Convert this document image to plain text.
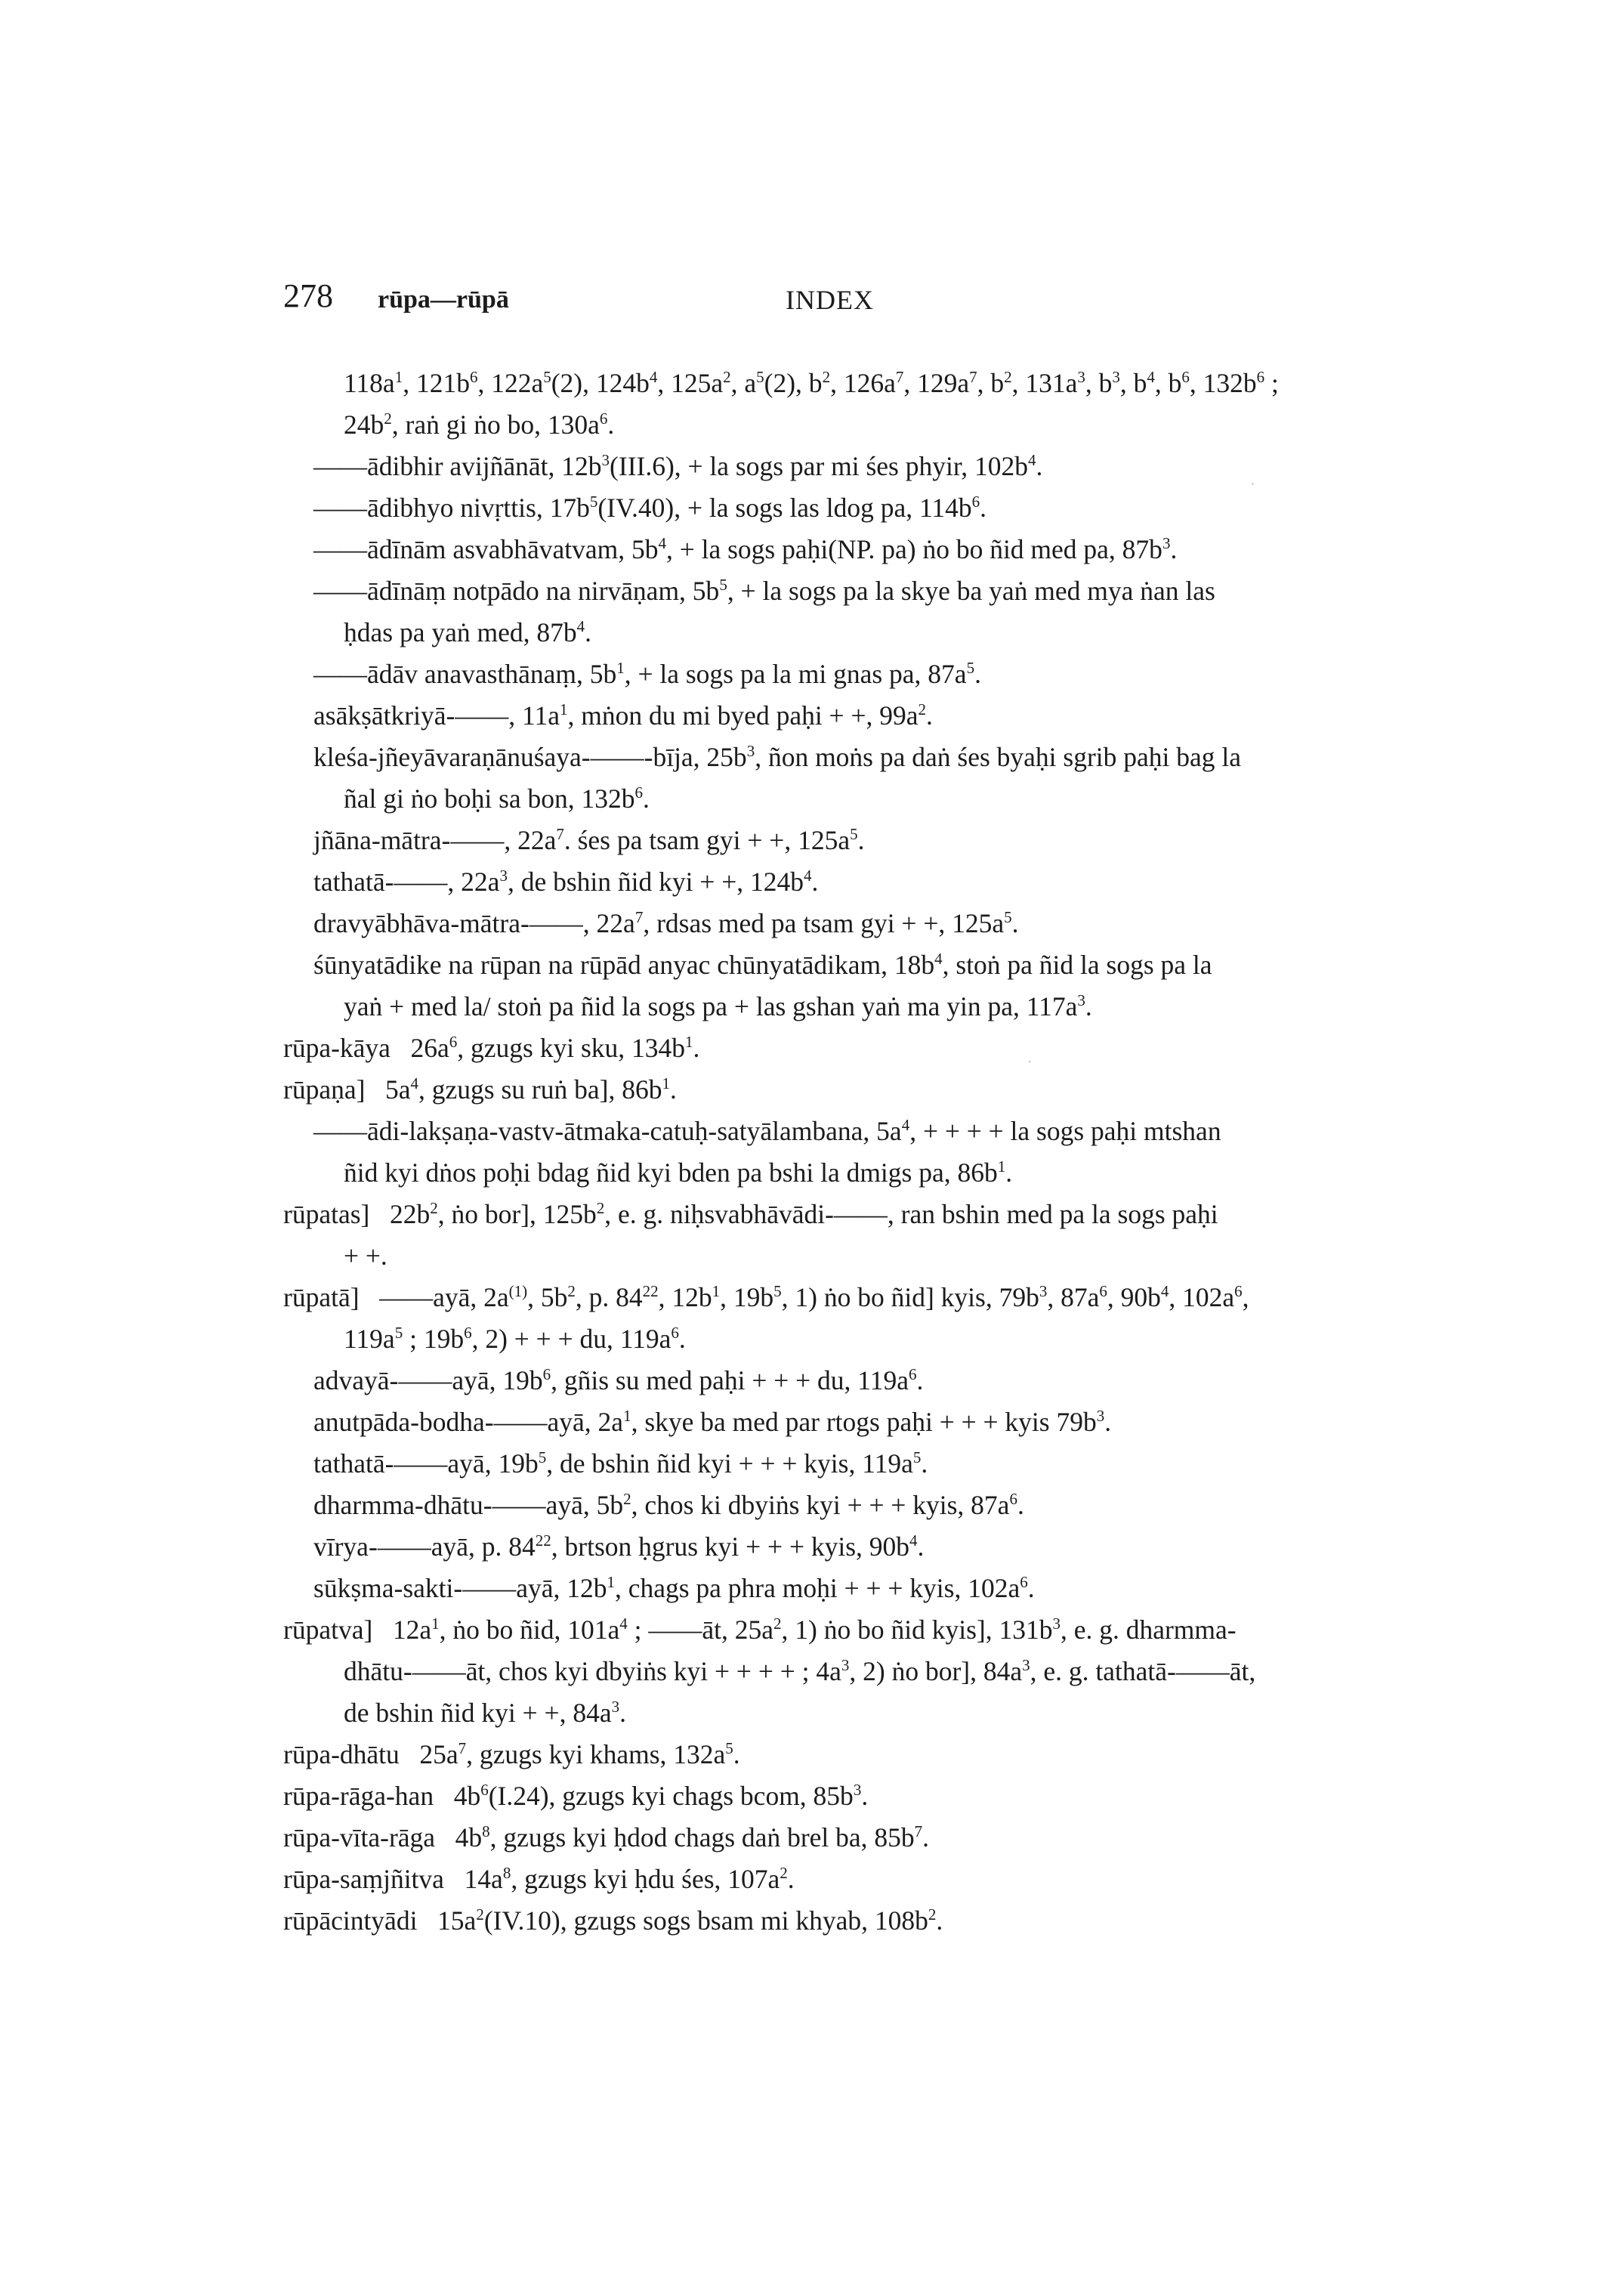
278 rūpa—rūpā	INDEX
$118a^1$, $121b^6$, $122a^5(2)$, $124b^4$, $125a^2$, $a^5(2)$, $b^2$, $126a^7$, $129a^7$, $b^2$, $131a^3$, $b^3$, $b^4$, $b^6$, $132b^6$ ;
$24b^2$, raṅ gi ṅo bo, $130a^6$.
——ādibhir avijñānāt, $12b^3(III.6)$, + la sogs par mi śes phyir, $102b^4$.
——ādibhyo nivṛttis, $17b^5(IV.40)$, + la sogs las ldog pa, $114b^6$.
——ādīnām asvabhāvatvam, $5b^4$, + la sogs paḥi(NP. pa) ṅo bo ñid med pa, $87b^3$.
——ādīnāṃ notpādo na nirvāṇam, $5b^5$, + la sogs pa la skye ba yaṅ med mya ṅan las
ḥdas pa yaṅ med, $87b^4$.
——ādāv anavasthānaṃ, $5b^1$, + la sogs pa la mi gnas pa, $87a^5$.
asākṣātkriyā-——, $11a^1$, mṅon du mi byed paḥi + +, $99a^2$.
kleśa-jñeyāvaraṇānuśaya-——-bīja, $25b^3$, ñon moṅs pa daṅ śes byaḥi sgrib paḥi bag la
ñal gi ṅo boḥi sa bon, $132b^6$.
jñāna-mātra-——, $22a^7$. śes pa tsam gyi + +, $125a^5$.
tathatā-——, $22a^3$, de bshin ñid kyi + +, $124b^4$.
dravyābhāva-mātra-——, $22a^7$, rdsas med pa tsam gyi + +, $125a^5$.
śūnyatādike na rūpan na rūpād anyac chūnyatādikam, $18b^4$, stoṅ pa ñid la sogs pa la
yaṅ + med la/ stoṅ pa ñid la sogs pa + las gshan yaṅ ma yin pa, $117a^3$.
rūpa-kāya   $26a^6$, gzugs kyi sku, $134b^1$.
rūpaṇa]   $5a^4$, gzugs su ruṅ ba], $86b^1$.
——ādi-lakṣaṇa-vastv-ātmaka-catuḥ-satyālambana, $5a^4$, + + + + la sogs paḥi mtshan
ñid kyi dṅos poḥi bdag ñid kyi bden pa bshi la dmigs pa, $86b^1$.
rūpatas]   $22b^2$, ṅo bor], $125b^2$, e. g. niḥsvabhāvādi-——, ran bshin med pa la sogs paḥi
+ +.
rūpatā]   ——ayā, $2a^{(1)}$, $5b^2$, p. $84^{22}$, $12b^1$, $19b^5$, 1) ṅo bo ñid] kyis, $79b^3$, $87a^6$, $90b^4$, $102a^6$,
$119a^5$ ; $19b^6$, 2) + + + du, $119a^6$.
advayā-——ayā, $19b^6$, gñis su med paḥi + + + du, $119a^6$.
anutpāda-bodha-——ayā, $2a^1$, skye ba med par rtogs paḥi + + + kyis $79b^3$.
tathatā-——ayā, $19b^5$, de bshin ñid kyi + + + kyis, $119a^5$.
dharmma-dhātu-——ayā, $5b^2$, chos ki dbyiṅs kyi + + + kyis, $87a^6$.
vīrya-——ayā, p. $84^{22}$, brtson ḥgrus kyi + + + kyis, $90b^4$.
sūkṣma-sakti-——ayā, $12b^1$, chags pa phra moḥi + + + kyis, $102a^6$.
rūpatva]   $12a^1$, ṅo bo ñid, $101a^4$ ; ——āt, $25a^2$, 1) ṅo bo ñid kyis], $131b^3$, e. g. dharmma-
dhātu-——āt, chos kyi dbyiṅs kyi + + + + ; $4a^3$, 2) ṅo bor], $84a^3$, e. g. tathatā-——āt,
de bshin ñid kyi + +, $84a^3$.
rūpa-dhātu   $25a^7$, gzugs kyi khams, $132a^5$.
rūpa-rāga-han   $4b^6(I.24)$, gzugs kyi chags bcom, $85b^3$.
rūpa-vīta-rāga   $4b^8$, gzugs kyi ḥdod chags daṅ brel ba, $85b^7$.
rūpa-saṃjñitva   $14a^8$, gzugs kyi ḥdu śes, $107a^2$.
rūpācintyādi   $15a^2(IV.10)$, gzugs sogs bsam mi khyab, $108b^2$.
·
·
